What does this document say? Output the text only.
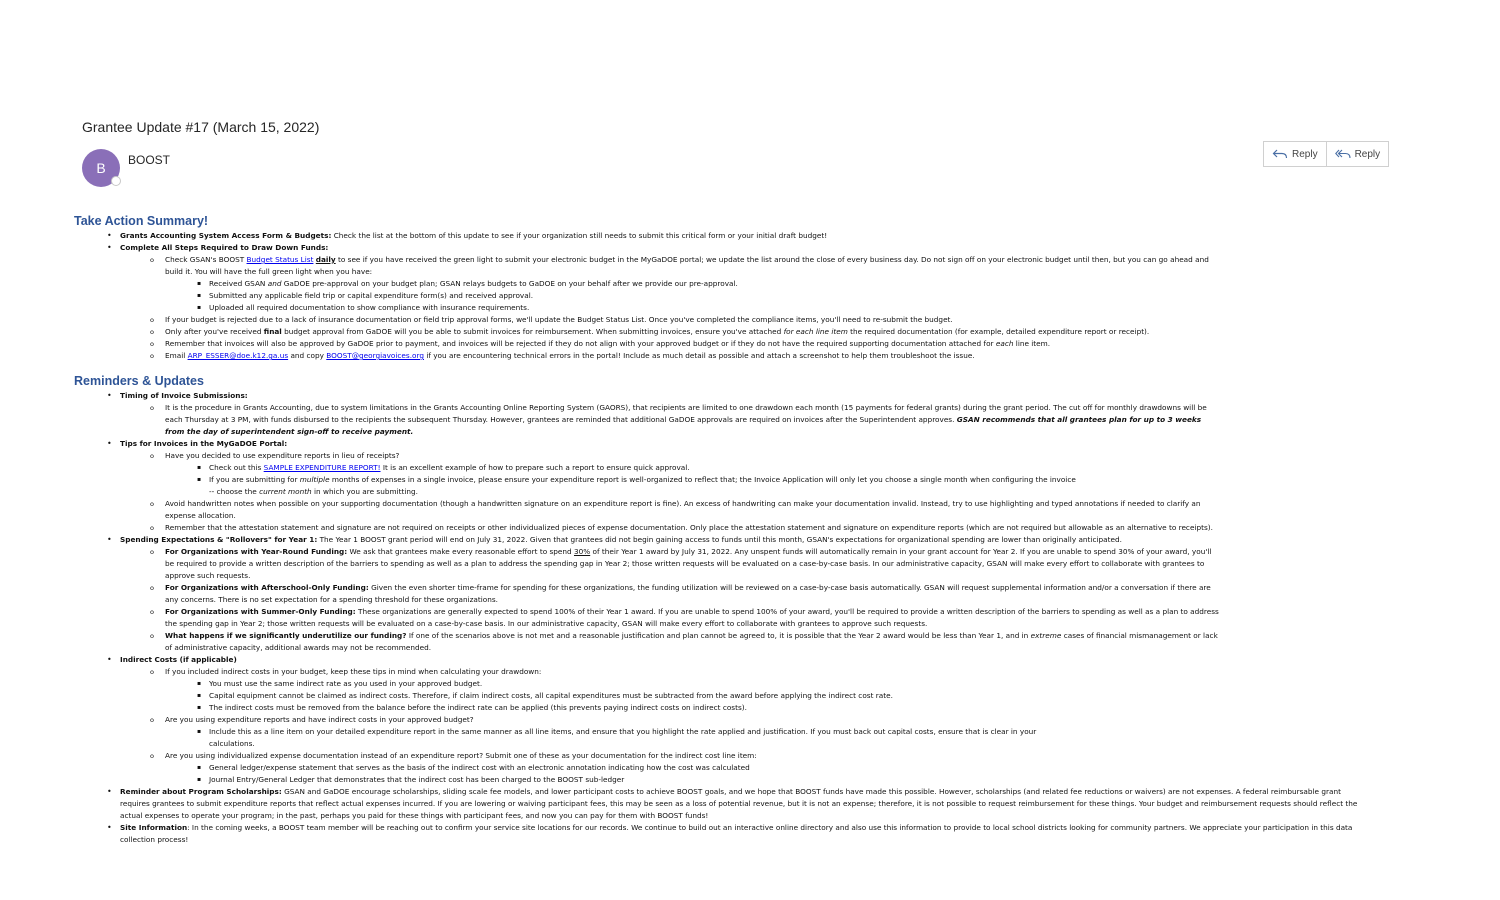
Grantee Update #17 (March 15, 2022)
B BOOST	Reply	Reply
Take Action Summary!
• Grants Accounting System Access Form & Budgets: Check the list at the bottom of this update to see if your organization still needs to submit this critical form or your initial draft budget!
• Complete All Steps Required to Draw Down Funds:
o Check GSAN's BOOST Budget Status List daily to see if you have received the green light to submit your electronic budget in the MyGaDOE portal; we update the list around the close of every business day. Do not sign off on your electronic budget until then, but you can go ahead and build it. You will have the full green light when you have:
▪ Received GSAN and GaDOE pre-approval on your budget plan; GSAN relays budgets to GaDOE on your behalf after we provide our pre-approval.
▪ Submitted any applicable field trip or capital expenditure form(s) and received approval.
▪ Uploaded all required documentation to show compliance with insurance requirements.
o If your budget is rejected due to a lack of insurance documentation or field trip approval forms, we'll update the Budget Status List. Once you've completed the compliance items, you'll need to re-submit the budget.
o Only after you've received final budget approval from GaDOE will you be able to submit invoices for reimbursement. When submitting invoices, ensure you've attached for each line item the required documentation (for example, detailed expenditure report or receipt).
o Remember that invoices will also be approved by GaDOE prior to payment, and invoices will be rejected if they do not align with your approved budget or if they do not have the required supporting documentation attached for each line item.
o Email ARP_ESSER@doe.k12.ga.us and copy BOOST@georgiavoices.org if you are encountering technical errors in the portal! Include as much detail as possible and attach a screenshot to help them troubleshoot the issue.
Reminders & Updates
• Timing of Invoice Submissions:
o It is the procedure in Grants Accounting, due to system limitations in the Grants Accounting Online Reporting System (GAORS), that recipients are limited to one drawdown each month (15 payments for federal grants) during the grant period. The cut off for monthly drawdowns will be each Thursday at 3 PM, with funds disbursed to the recipients the subsequent Thursday. However, grantees are reminded that additional GaDOE approvals are required on invoices after the Superintendent approves. GSAN recommends that all grantees plan for up to 3 weeks from the day of superintendent sign-off to receive payment.
• Tips for Invoices in the MyGaDOE Portal:
o Have you decided to use expenditure reports in lieu of receipts?
▪ Check out this SAMPLE EXPENDITURE REPORT! It is an excellent example of how to prepare such a report to ensure quick approval.
▪ If you are submitting for multiple months of expenses in a single invoice, please ensure your expenditure report is well-organized to reflect that; the Invoice Application will only let you choose a single month when configuring the invoice -- choose the current month in which you are submitting.
o Avoid handwritten notes when possible on your supporting documentation (though a handwritten signature on an expenditure report is fine). An excess of handwriting can make your documentation invalid. Instead, try to use highlighting and typed annotations if needed to clarify an expense allocation.
o Remember that the attestation statement and signature are not required on receipts or other individualized pieces of expense documentation. Only place the attestation statement and signature on expenditure reports (which are not required but allowable as an alternative to receipts).
• Spending Expectations & "Rollovers" for Year 1: The Year 1 BOOST grant period will end on July 31, 2022. Given that grantees did not begin gaining access to funds until this month, GSAN's expectations for organizational spending are lower than originally anticipated.
o For Organizations with Year-Round Funding: We ask that grantees make every reasonable effort to spend 30% of their Year 1 award by July 31, 2022. Any unspent funds will automatically remain in your grant account for Year 2. If you are unable to spend 30% of your award, you'll be required to provide a written description of the barriers to spending as well as a plan to address the spending gap in Year 2; those written requests will be evaluated on a case-by-case basis. In our administrative capacity, GSAN will make every effort to collaborate with grantees to approve such requests.
o For Organizations with Afterschool-Only Funding: Given the even shorter time-frame for spending for these organizations, the funding utilization will be reviewed on a case-by-case basis automatically. GSAN will request supplemental information and/or a conversation if there are any concerns. There is no set expectation for a spending threshold for these organizations.
o For Organizations with Summer-Only Funding: These organizations are generally expected to spend 100% of their Year 1 award. If you are unable to spend 100% of your award, you'll be required to provide a written description of the barriers to spending as well as a plan to address the spending gap in Year 2; those written requests will be evaluated on a case-by-case basis. In our administrative capacity, GSAN will make every effort to collaborate with grantees to approve such requests.
o What happens if we significantly underutilize our funding? If one of the scenarios above is not met and a reasonable justification and plan cannot be agreed to, it is possible that the Year 2 award would be less than Year 1, and in extreme cases of financial mismanagement or lack of administrative capacity, additional awards may not be recommended.
• Indirect Costs (if applicable)
o If you included indirect costs in your budget, keep these tips in mind when calculating your drawdown:
▪ You must use the same indirect rate as you used in your approved budget.
▪ Capital equipment cannot be claimed as indirect costs. Therefore, if claim indirect costs, all capital expenditures must be subtracted from the award before applying the indirect cost rate.
▪ The indirect costs must be removed from the balance before the indirect rate can be applied (this prevents paying indirect costs on indirect costs).
o Are you using expenditure reports and have indirect costs in your approved budget?
▪ Include this as a line item on your detailed expenditure report in the same manner as all line items, and ensure that you highlight the rate applied and justification. If you must back out capital costs, ensure that is clear in your calculations.
o Are you using individualized expense documentation instead of an expenditure report? Submit one of these as your documentation for the indirect cost line item:
▪ General ledger/expense statement that serves as the basis of the indirect cost with an electronic annotation indicating how the cost was calculated
▪ Journal Entry/General Ledger that demonstrates that the indirect cost has been charged to the BOOST sub-ledger
• Reminder about Program Scholarships: GSAN and GaDOE encourage scholarships, sliding scale fee models, and lower participant costs to achieve BOOST goals, and we hope that BOOST funds have made this possible. However, scholarships (and related fee reductions or waivers) are not expenses. A federal reimbursable grant requires grantees to submit expenditure reports that reflect actual expenses incurred. If you are lowering or waiving participant fees, this may be seen as a loss of potential revenue, but it is not an expense; therefore, it is not possible to request reimbursement for these things. Your budget and reimbursement requests should reflect the actual expenses to operate your program; in the past, perhaps you paid for these things with participant fees, and now you can pay for them with BOOST funds!
• Site Information: In the coming weeks, a BOOST team member will be reaching out to confirm your service site locations for our records. We continue to build out an interactive online directory and also use this information to provide to local school districts looking for community partners. We appreciate your participation in this data collection process!
